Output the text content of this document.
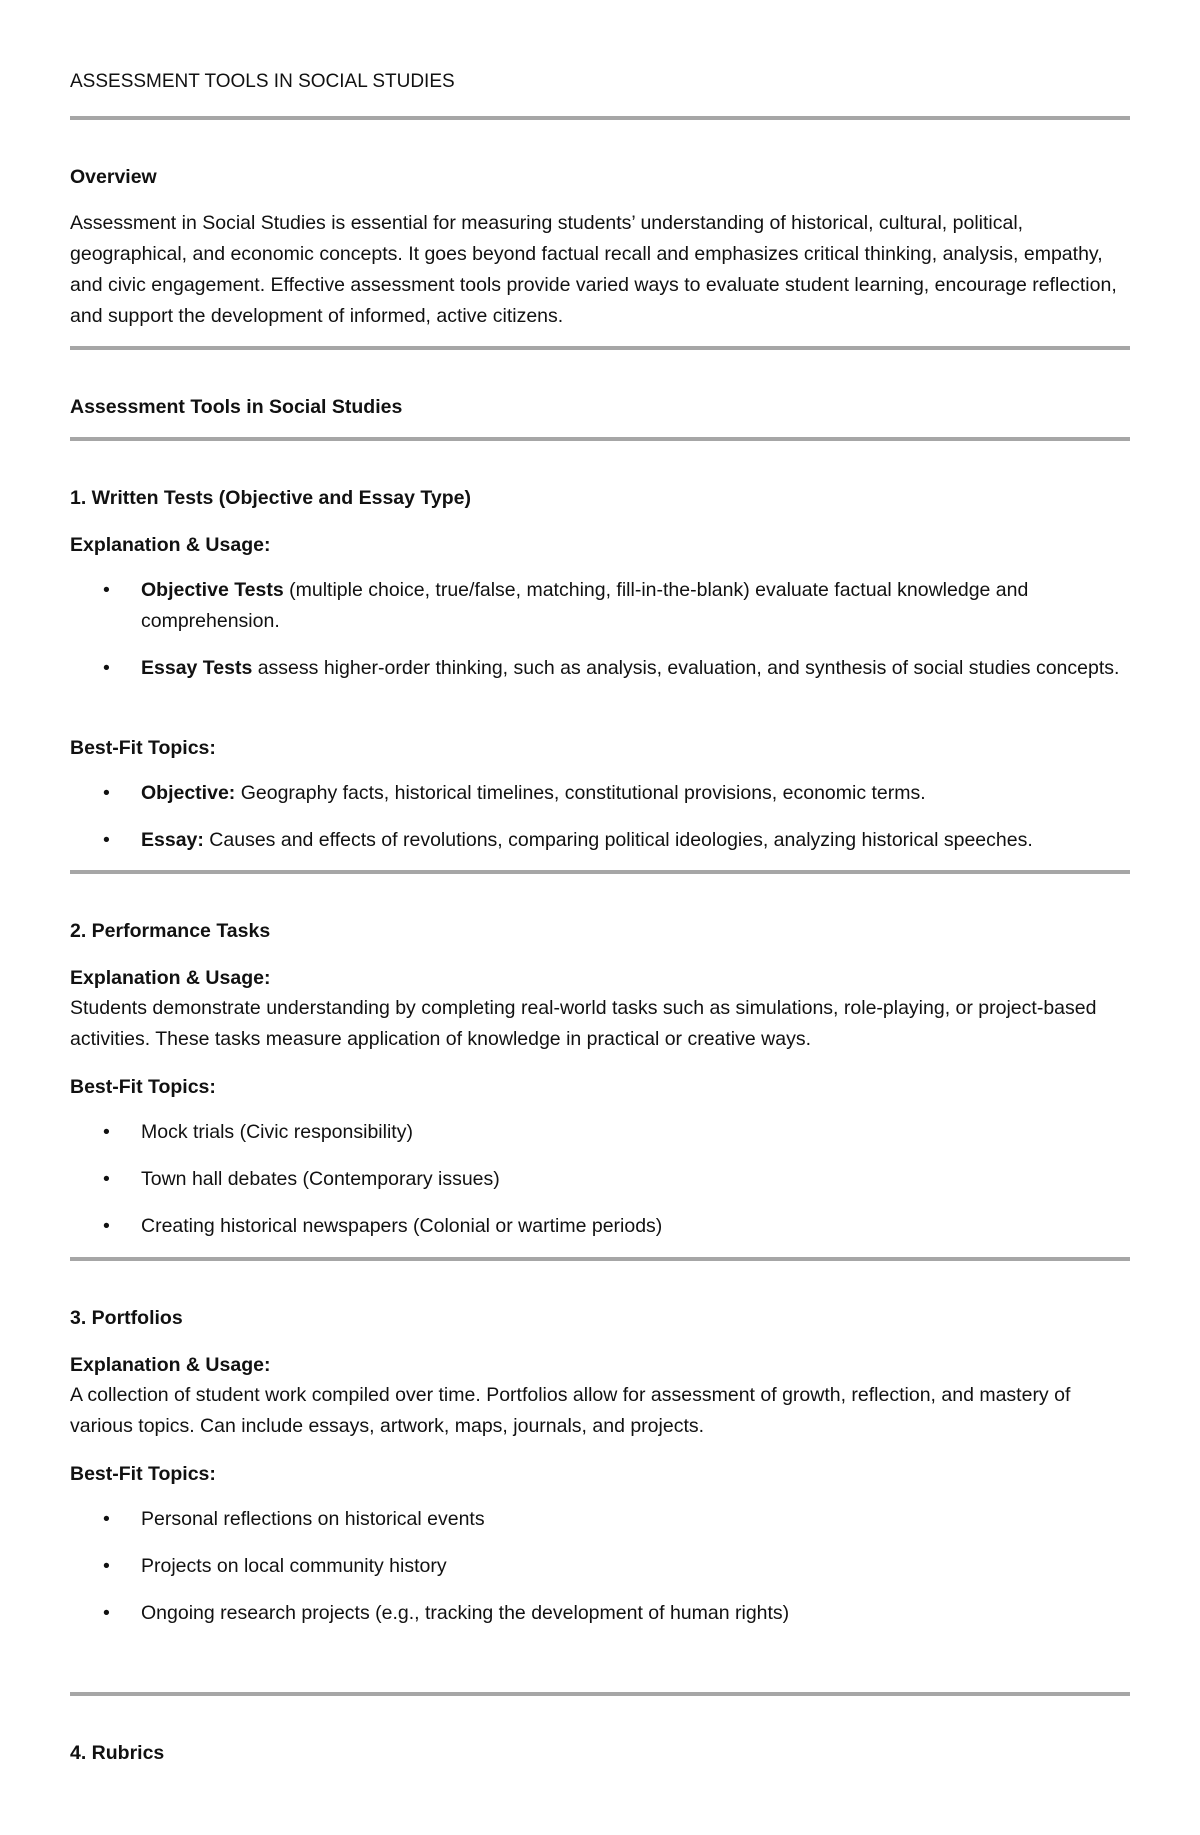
ASSESSMENT TOOLS IN SOCIAL STUDIES
Overview
Assessment in Social Studies is essential for measuring students’ understanding of historical, cultural, political, geographical, and economic concepts. It goes beyond factual recall and emphasizes critical thinking, analysis, empathy, and civic engagement. Effective assessment tools provide varied ways to evaluate student learning, encourage reflection, and support the development of informed, active citizens.
Assessment Tools in Social Studies
1. Written Tests (Objective and Essay Type)
Explanation & Usage:
• Objective Tests (multiple choice, true/false, matching, fill-in-the-blank) evaluate factual knowledge and comprehension.
• Essay Tests assess higher-order thinking, such as analysis, evaluation, and synthesis of social studies concepts.
Best-Fit Topics:
• Objective: Geography facts, historical timelines, constitutional provisions, economic terms.
• Essay: Causes and effects of revolutions, comparing political ideologies, analyzing historical speeches.
2. Performance Tasks
Explanation & Usage:
Students demonstrate understanding by completing real-world tasks such as simulations, role-playing, or project-based activities. These tasks measure application of knowledge in practical or creative ways.
Best-Fit Topics:
• Mock trials (Civic responsibility)
• Town hall debates (Contemporary issues)
• Creating historical newspapers (Colonial or wartime periods)
3. Portfolios
Explanation & Usage:
A collection of student work compiled over time. Portfolios allow for assessment of growth, reflection, and mastery of various topics. Can include essays, artwork, maps, journals, and projects.
Best-Fit Topics:
• Personal reflections on historical events
• Projects on local community history
• Ongoing research projects (e.g., tracking the development of human rights)
4. Rubrics
